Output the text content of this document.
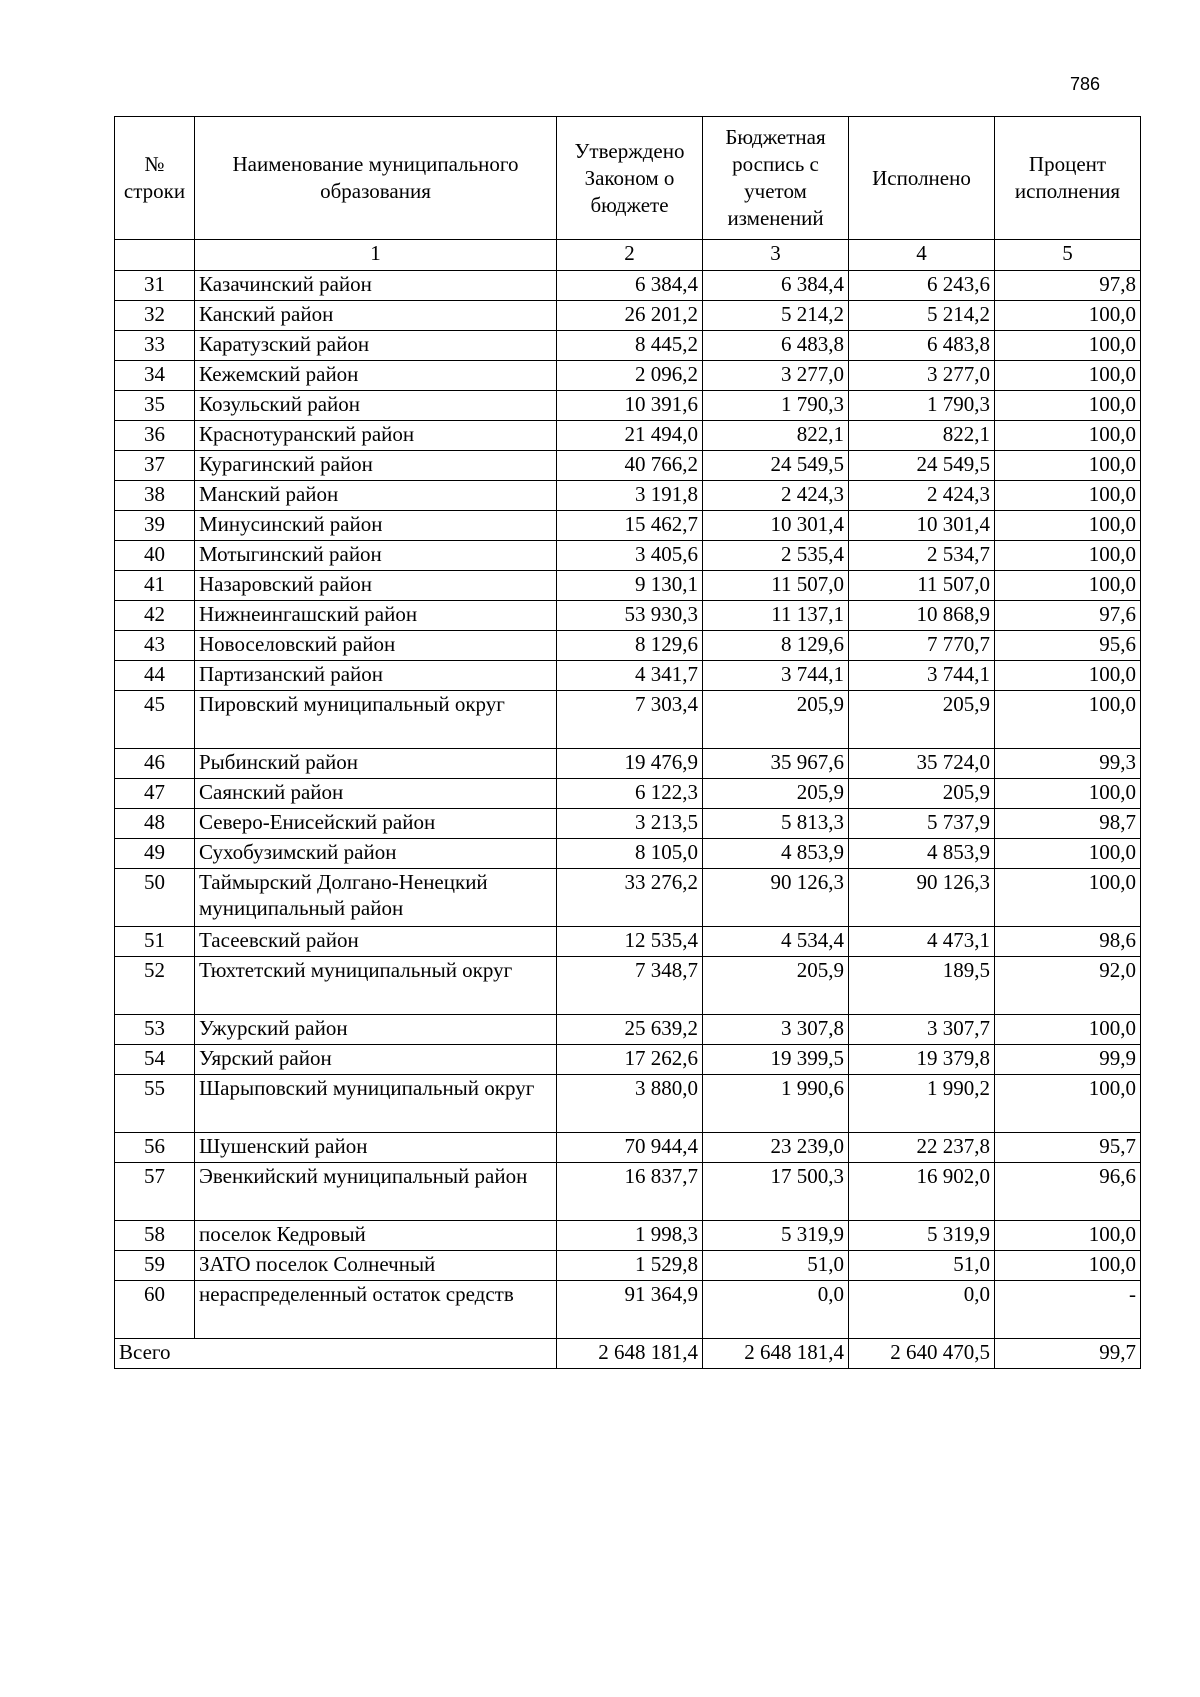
786
№ строки	Наименование муниципального образования	Утверждено Законом о бюджете	Бюджетная роспись с учетом изменений	Исполнено	Процент исполнения
	1	2	3	4	5
31	Казачинский район	6 384,4	6 384,4	6 243,6	97,8
32	Канский район	26 201,2	5 214,2	5 214,2	100,0
33	Каратузский район	8 445,2	6 483,8	6 483,8	100,0
34	Кежемский район	2 096,2	3 277,0	3 277,0	100,0
35	Козульский район	10 391,6	1 790,3	1 790,3	100,0
36	Краснотуранский район	21 494,0	822,1	822,1	100,0
37	Курагинский район	40 766,2	24 549,5	24 549,5	100,0
38	Манский район	3 191,8	2 424,3	2 424,3	100,0
39	Минусинский район	15 462,7	10 301,4	10 301,4	100,0
40	Мотыгинский район	3 405,6	2 535,4	2 534,7	100,0
41	Назаровский район	9 130,1	11 507,0	11 507,0	100,0
42	Нижнеингашский район	53 930,3	11 137,1	10 868,9	97,6
43	Новоселовский район	8 129,6	8 129,6	7 770,7	95,6
44	Партизанский район	4 341,7	3 744,1	3 744,1	100,0
45	Пировский муниципальный округ	7 303,4	205,9	205,9	100,0
46	Рыбинский район	19 476,9	35 967,6	35 724,0	99,3
47	Саянский район	6 122,3	205,9	205,9	100,0
48	Северо-Енисейский район	3 213,5	5 813,3	5 737,9	98,7
49	Сухобузимский район	8 105,0	4 853,9	4 853,9	100,0
50	Таймырский Долгано-Ненецкий муниципальный район	33 276,2	90 126,3	90 126,3	100,0
51	Тасеевский район	12 535,4	4 534,4	4 473,1	98,6
52	Тюхтетский муниципальный округ	7 348,7	205,9	189,5	92,0
53	Ужурский район	25 639,2	3 307,8	3 307,7	100,0
54	Уярский район	17 262,6	19 399,5	19 379,8	99,9
55	Шарыповский муниципальный округ	3 880,0	1 990,6	1 990,2	100,0
56	Шушенский район	70 944,4	23 239,0	22 237,8	95,7
57	Эвенкийский муниципальный район	16 837,7	17 500,3	16 902,0	96,6
58	поселок Кедровый	1 998,3	5 319,9	5 319,9	100,0
59	ЗАТО поселок Солнечный	1 529,8	51,0	51,0	100,0
60	нераспределенный остаток средств	91 364,9	0,0	0,0	-
Всего		2 648 181,4	2 648 181,4	2 640 470,5	99,7
